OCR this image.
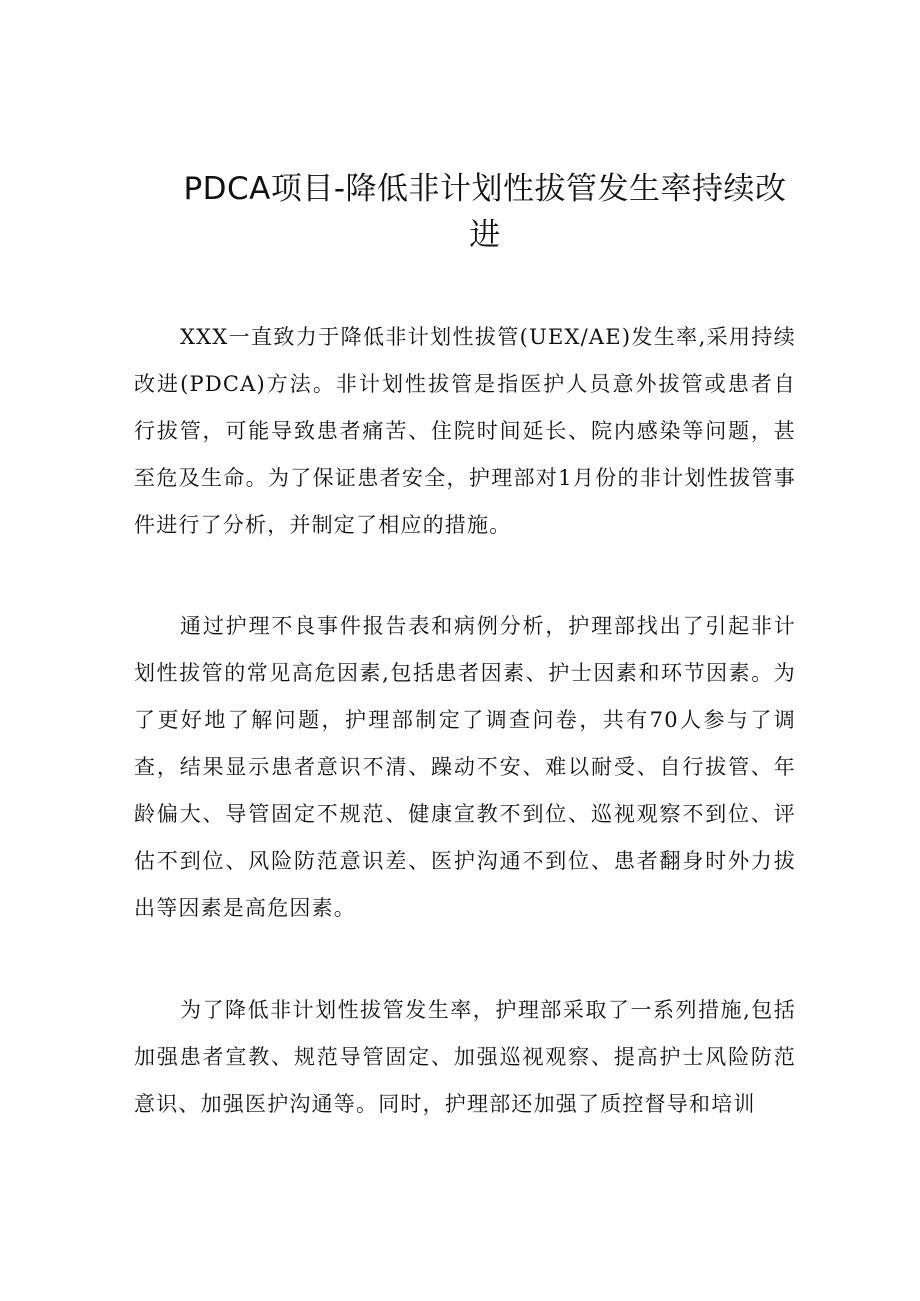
PDCA项目-降低非计划性拔管发生率持续改进

XXX一直致力于降低非计划性拔管(UEX/AE)发生率,采用持续改进(PDCA)方法。非计划性拔管是指医护人员意外拔管或患者自行拔管，可能导致患者痛苦、住院时间延长、院内感染等问题，甚至危及生命。为了保证患者安全，护理部对1月份的非计划性拔管事件进行了分析，并制定了相应的措施。

通过护理不良事件报告表和病例分析，护理部找出了引起非计划性拔管的常见高危因素,包括患者因素、护士因素和环节因素。为了更好地了解问题，护理部制定了调查问卷，共有70人参与了调查，结果显示患者意识不清、躁动不安、难以耐受、自行拔管、年龄偏大、导管固定不规范、健康宣教不到位、巡视观察不到位、评估不到位、风险防范意识差、医护沟通不到位、患者翻身时外力拔出等因素是高危因素。

为了降低非计划性拔管发生率，护理部采取了一系列措施,包括加强患者宣教、规范导管固定、加强巡视观察、提高护士风险防范意识、加强医护沟通等。同时，护理部还加强了质控督导和培训
